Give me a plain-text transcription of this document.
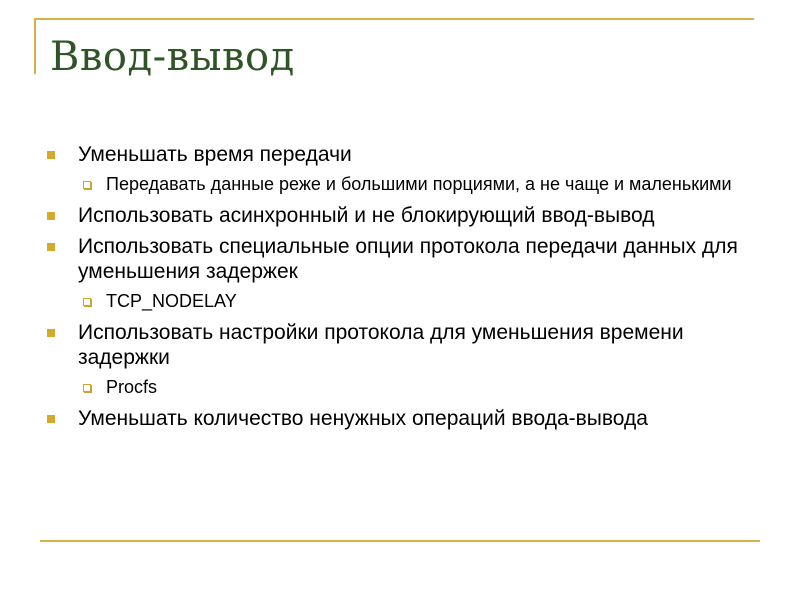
Ввод-вывод
Уменьшать время передачи
Передавать данные реже и большими порциями, а не чаще и маленькими
Использовать асинхронный и не блокирующий ввод-вывод
Использовать специальные опции протокола передачи данных для уменьшения задержек
TCP_NODELAY
Использовать настройки протокола для уменьшения времени задержки
Procfs
Уменьшать количество ненужных операций ввода-вывода
